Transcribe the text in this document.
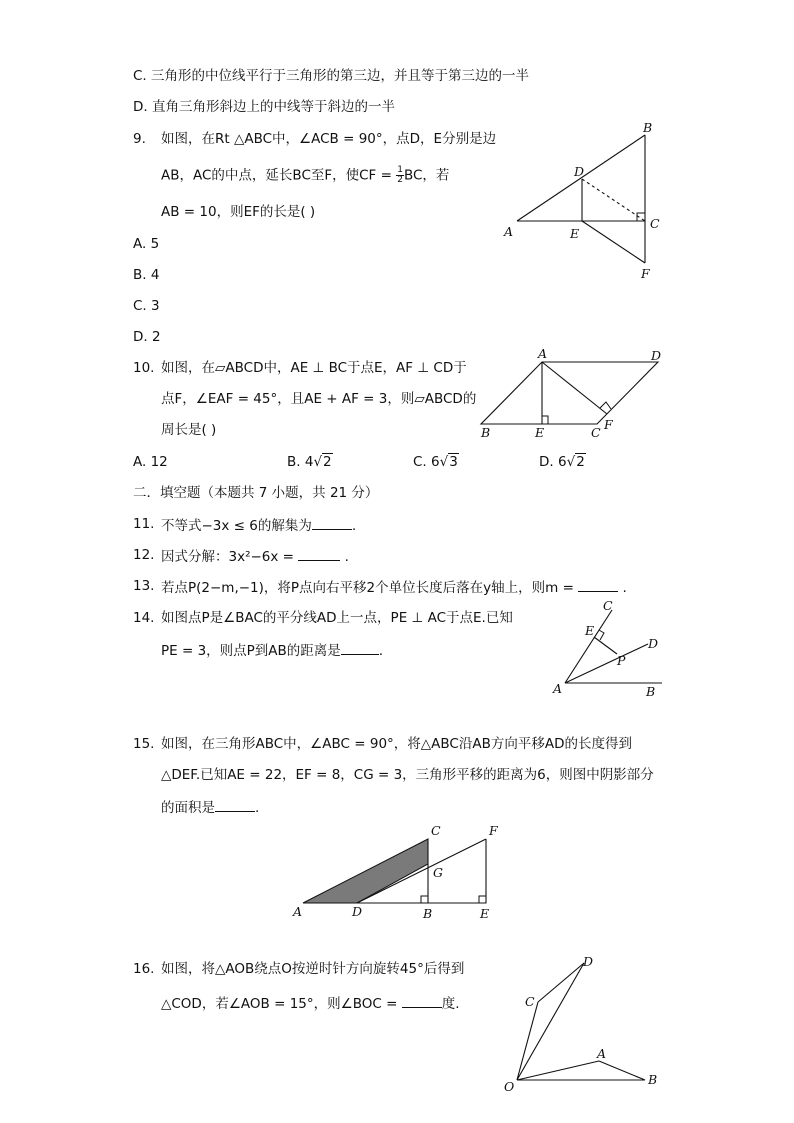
C. 三角形的中位线平行于三角形的第三边，并且等于第三边的一半
D. 直角三角形斜边上的中线等于斜边的一半
9. 如图，在Rt △ABC中，∠ACB = 90°，点D，E分别是边
AB，AC的中点，延长BC至F，使CF = $\frac{1}{2}$ BC，若
AB = 10，则EF的长是( )
A. 5
B. 4
C. 3
D. 2
A
B
C
D
E
F
10. 如图，在▱ABCD中，AE ⊥ BC于点E，AF ⊥ CD于
点F，∠EAF = 45°，且AE + AF = 3，则▱ABCD的
周长是( )
A. 12	B. 4√2	C. 6√3	D. 6√2
A	D
B	E	C
F
二．填空题（本题共 7 小题，共 21 分）
11. 不等式−3x ≤ 6的解集为	.
12. 因式分解：3x²−6x =	.
13. 若点P(2−m,−1)，将P点向右平移2个单位长度后落在y轴上，则m =	.
14. 如图点P是∠BAC的平分线AD上一点，PE ⊥ AC于点E.已知
PE = 3，则点P到AB的距离是	.
A	B
C
D
E
P
15. 如图，在三角形ABC中，∠ABC = 90°，将△ABC沿AB方向平移AD的长度得到
△DEF.已知AE = 22，EF = 8，CG = 3，三角形平移的距离为6，则图中阴影部分
的面积是	.
A	D	B	E
C	F
G
16. 如图，将△AOB绕点O按逆时针方向旋转45°后得到
△COD，若∠AOB = 15°，则∠BOC =	度.
O	B
A
C
D
